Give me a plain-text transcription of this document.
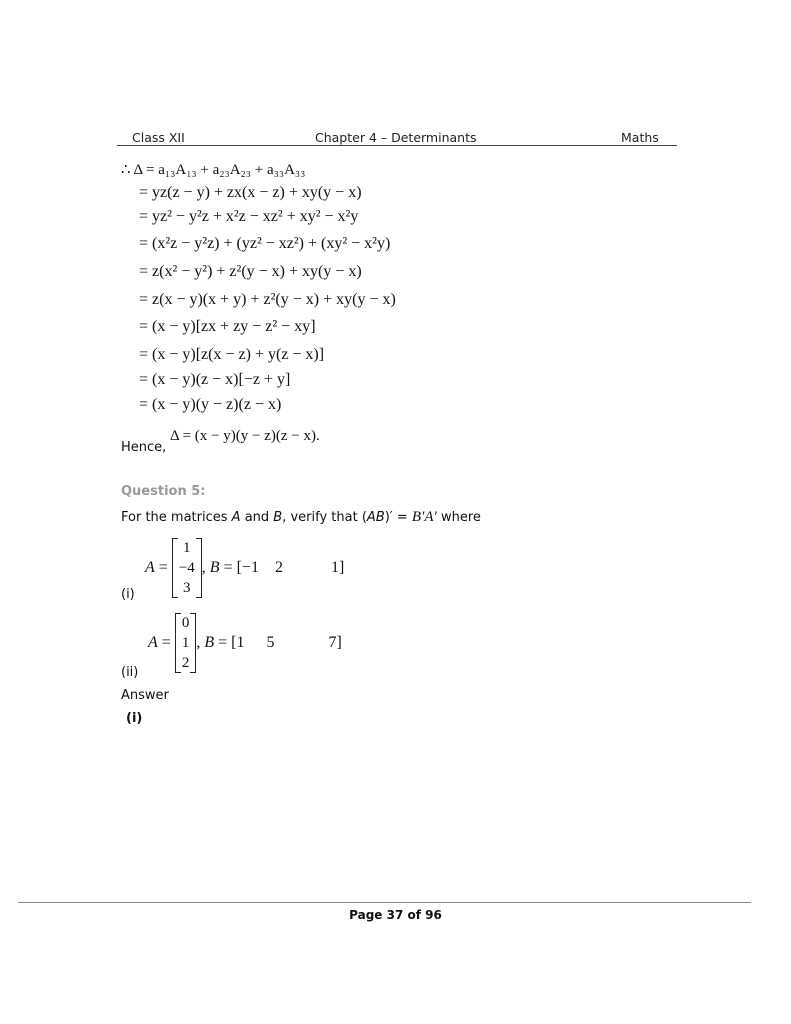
Class XII	Chapter 4 – Determinants	Maths
∴ Δ = a₁₃A₁₃ + a₂₃A₂₃ + a₃₃A₃₃
= yz(z − y) + zx(x − z) + xy(y − x)
= yz² − y²z + x²z − xz² + xy² − x²y
= (x²z − y²z) + (yz² − xz²) + (xy² − x²y)
= z(x² − y²) + z²(y − x) + xy(y − x)
= z(x − y)(x + y) + z²(y − x) + xy(y − x)
= (x − y)[zx + zy − z² − xy]
= (x − y)[z(x − z) + y(z − x)]
= (x − y)(z − x)[−z + y]
= (x − y)(y − z)(z − x)
Hence,
Δ = (x − y)(y − z)(z − x).
Question 5:
For the matrices A and B, verify that (AB)′ = B′A′ where
(i)
A =
1
−4
3
, B = [ −1	2	1 ]
(ii)
A =
0
1
2
, B = [ 1	5	7 ]
Answer
(i)
Page 37 of 96
